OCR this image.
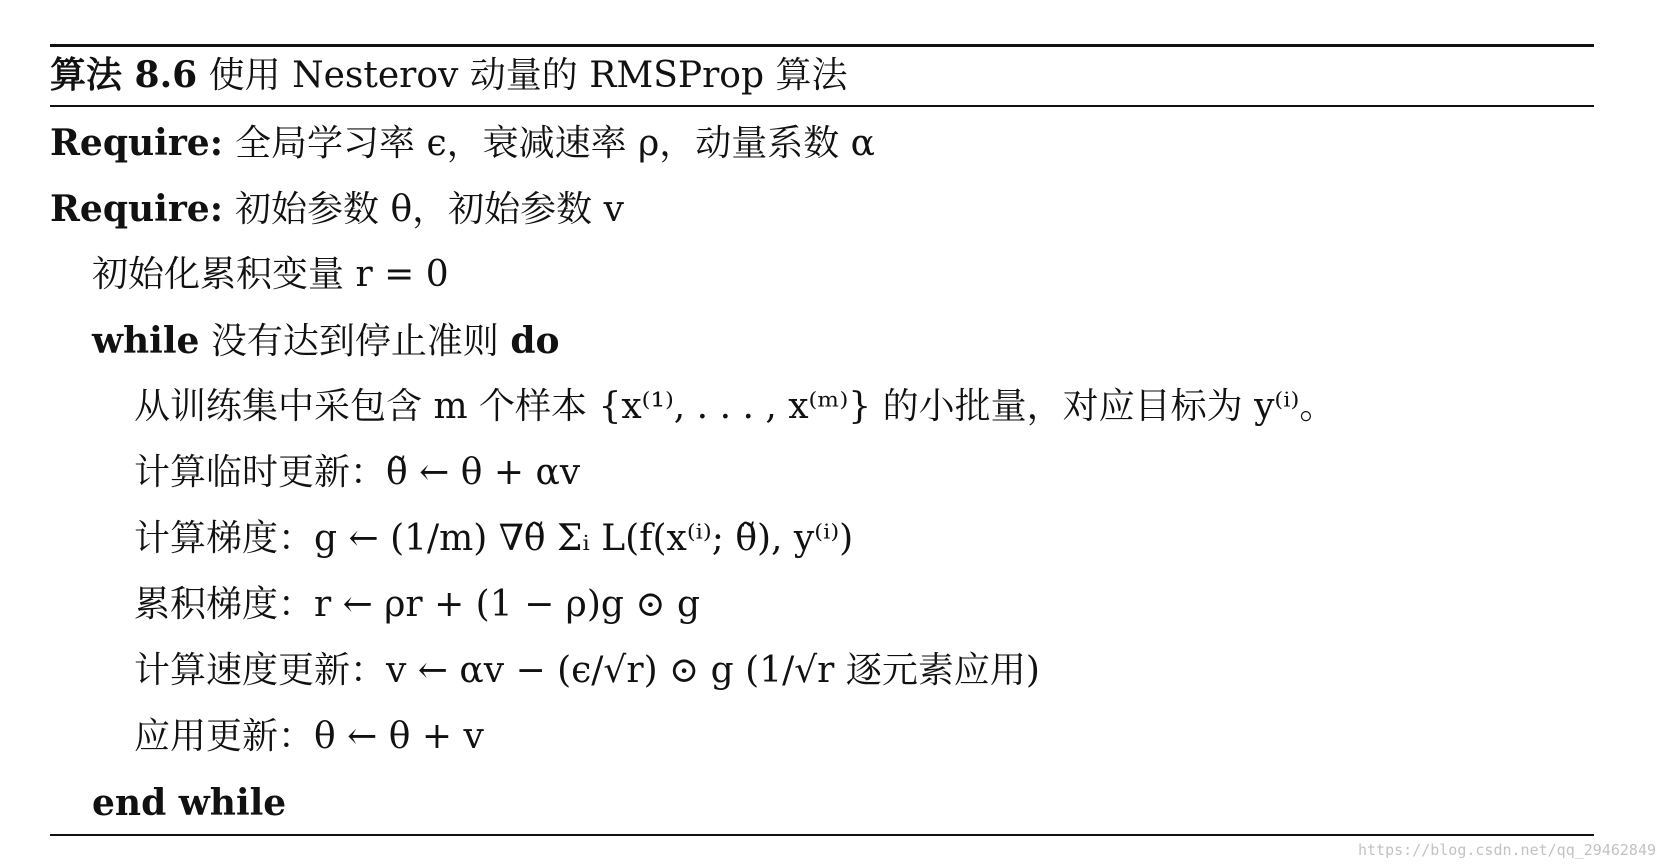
算法 8.6 使用 Nesterov 动量的 RMSProp 算法
Require: 全局学习率 ϵ，衰减速率 ρ，动量系数 α
Require: 初始参数 θ，初始参数 v
初始化累积变量 r = 0
while 没有达到停止准则 do
从训练集中采包含 m 个样本 {x⁽¹⁾, . . . , x⁽ᵐ⁾} 的小批量，对应目标为 y⁽ⁱ⁾。
计算临时更新：θ̃ ← θ + αv
计算梯度：g ← (1/m) ∇θ̃ Σᵢ L(f(x⁽ⁱ⁾; θ̃), y⁽ⁱ⁾)
累积梯度：r ← ρr + (1 − ρ)g ⊙ g
计算速度更新：v ← αv − (ϵ/√r) ⊙ g (1/√r 逐元素应用)
应用更新：θ ← θ + v
end while
https://blog.csdn.net/qq_29462849
